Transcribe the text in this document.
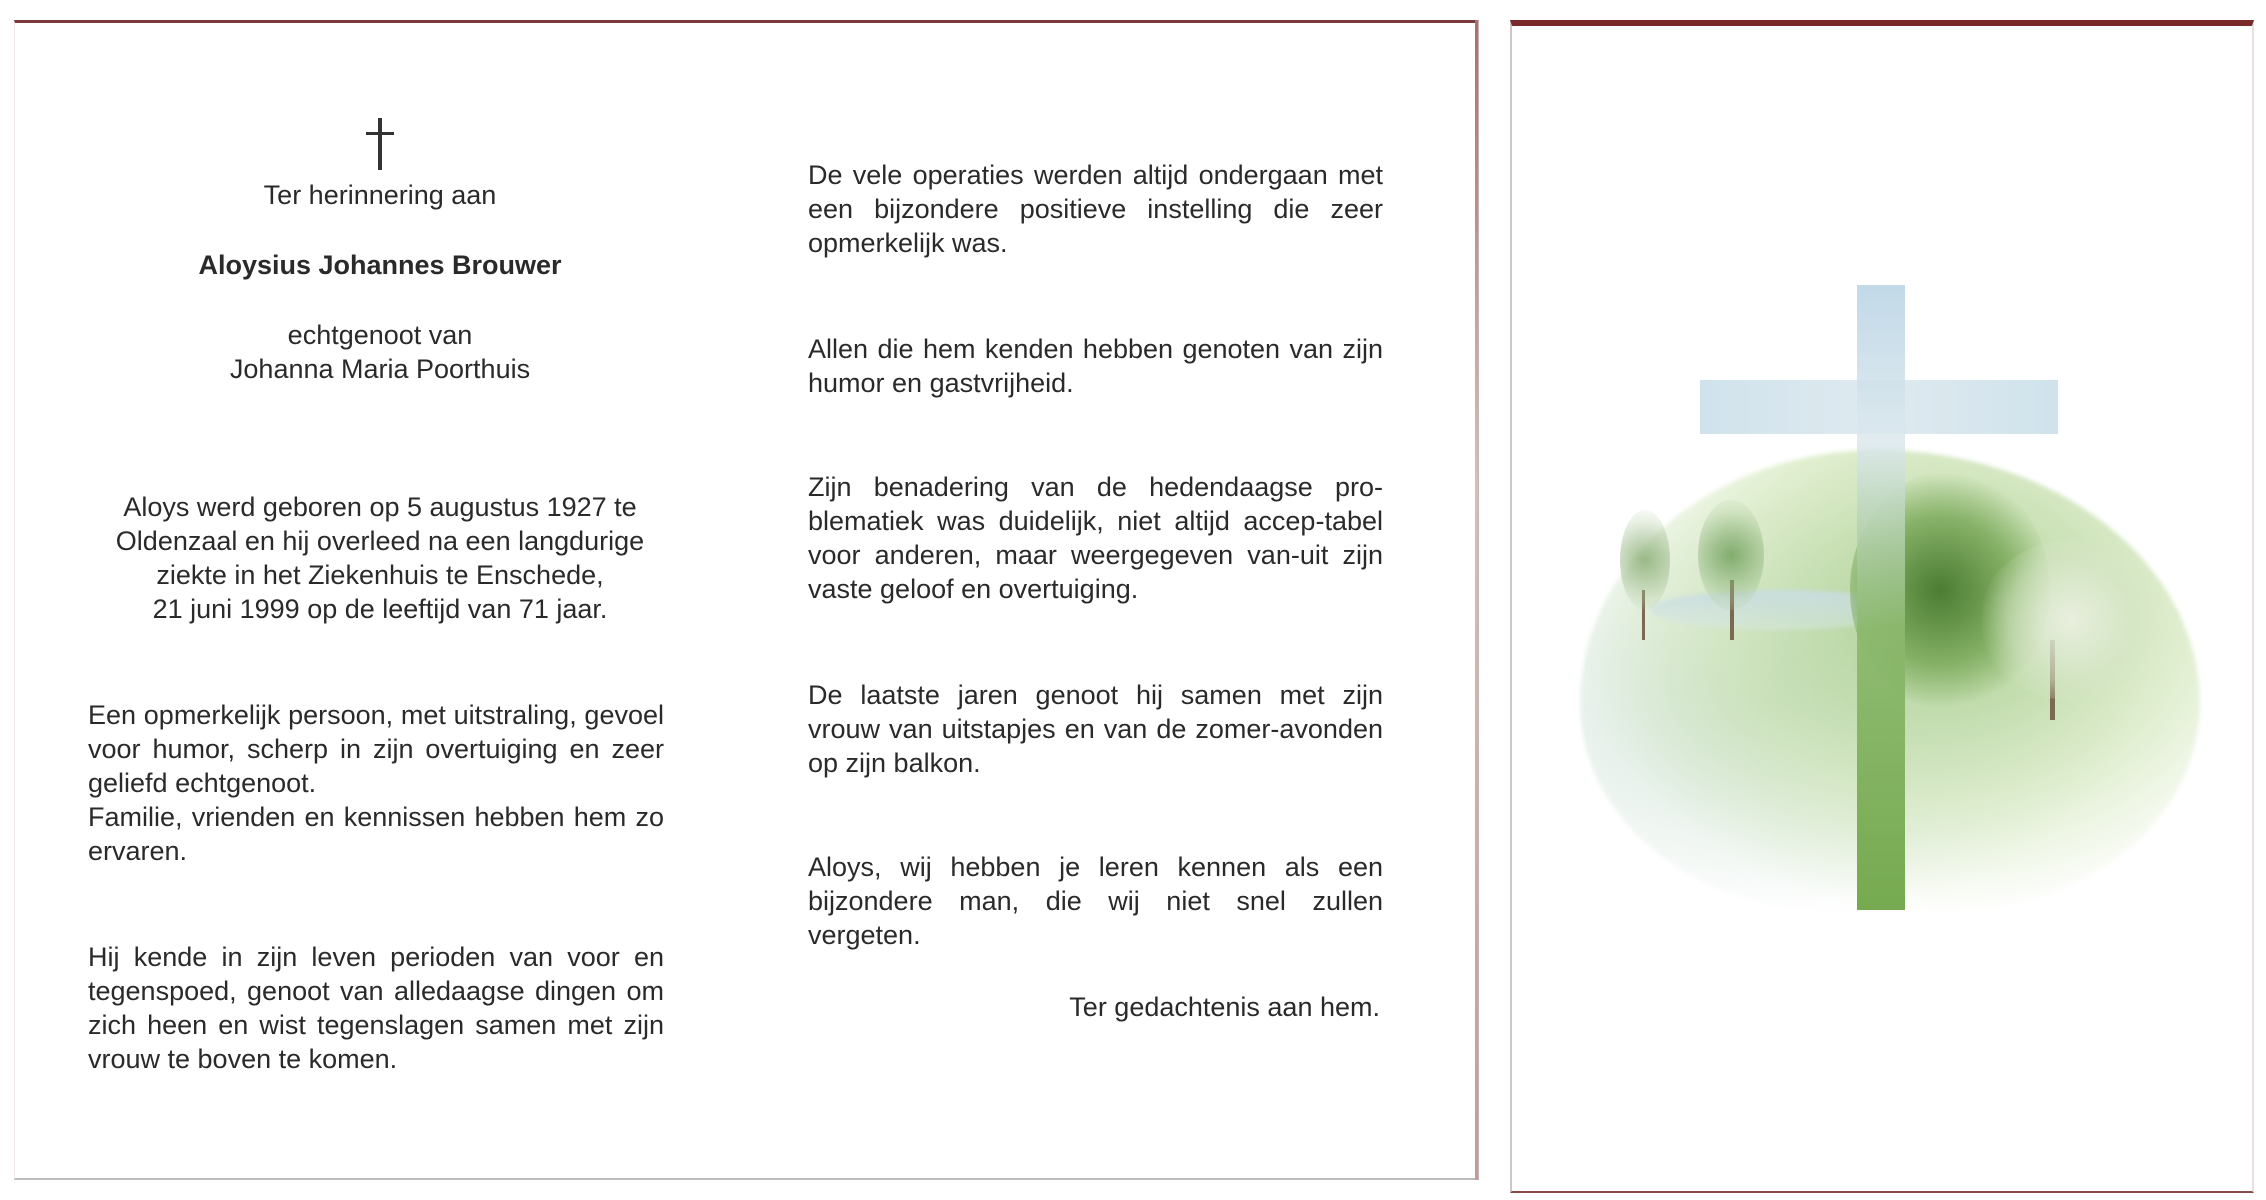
Ter herinnering aan
Aloysius Johannes Brouwer
echtgenoot van
Johanna Maria Poorthuis

Aloys werd geboren op 5 augustus 1927 te

Oldenzaal en hij overleed na een langdurige

ziekte in het Ziekenhuis te Enschede,

21 juni 1999 op de leeftijd van 71 jaar.

Een opmerkelijk persoon, met uitstraling, gevoel voor humor, scherp in zijn overtuiging en zeer geliefd echtgenoot.

Familie, vrienden en kennissen hebben hem zo ervaren.

Hij kende in zijn leven perioden van voor en tegenspoed, genoot van alledaagse dingen om zich heen en wist tegenslagen samen met zijn vrouw te boven te komen.
De vele operaties werden altijd ondergaan met een bijzondere positieve instelling die zeer opmerkelijk was.
Allen die hem kenden hebben genoten van zijn humor en gastvrijheid.
Zijn benadering van de hedendaagse pro-blematiek was duidelijk, niet altijd accep-tabel voor anderen, maar weergegeven van-uit zijn vaste geloof en overtuiging.
De laatste jaren genoot hij samen met zijn vrouw van uitstapjes en van de zomer-avonden op zijn balkon.
Aloys, wij hebben je leren kennen als een bijzondere man, die wij niet snel zullen vergeten.
Ter gedachtenis aan hem.
